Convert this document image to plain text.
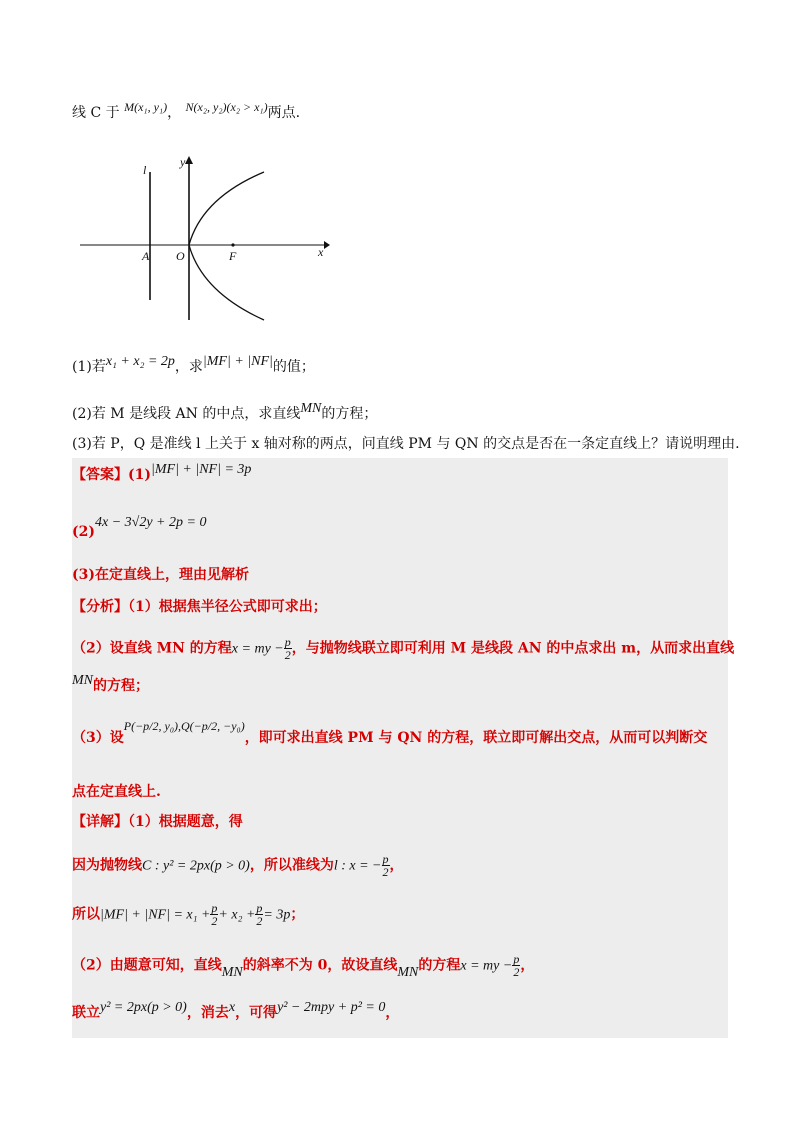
线 C 于 M(x₁, y₁)， N(x₂, y₂)(x₂ > x₁)两点.
l
y
x
A O	F
(1)若x₁ + x₂ = 2p，求|MF| + |NF|的值；
(2)若 M 是线段 AN 的中点，求直线MN的方程；
(3)若 P，Q 是准线 l 上关于 x 轴对称的两点，问直线 PM 与 QN 的交点是否在一条定直线上？请说明理由.
【答案】(1)|MF| + |NF| = 3p
(2)4x − 3√2y + 2p = 0
(3)在定直线上，理由见解析
【分析】（1）根据焦半径公式即可求出；
（2）设直线 MN 的方程x = my − $\frac{p}{2}$ ，与抛物线联立即可利用 M 是线段 AN 的中点求出 m，从而求出直线
MN的方程；
（3）设P(−p/2, y₀),Q(−p/2, −y₀)，即可求出直线 PM 与 QN 的方程，联立即可解出交点，从而可以判断交
点在定直线上.
【详解】（1）根据题意，得
因为抛物线C : y² = 2px(p > 0)，所以准线为l : x = − $\frac{p}{2}$ ，
所以$|MF| + |NF| = x_1 + \frac{p}{2} + x_2 + \frac{p}{2} = 3p$；
（2）由题意可知，直线MN的斜率不为 0，故设直线MN的方程x = my − $\frac{p}{2}$ ，
联立y² = 2px(p > 0)，消去x，可得y² − 2mpy + p² = 0，
